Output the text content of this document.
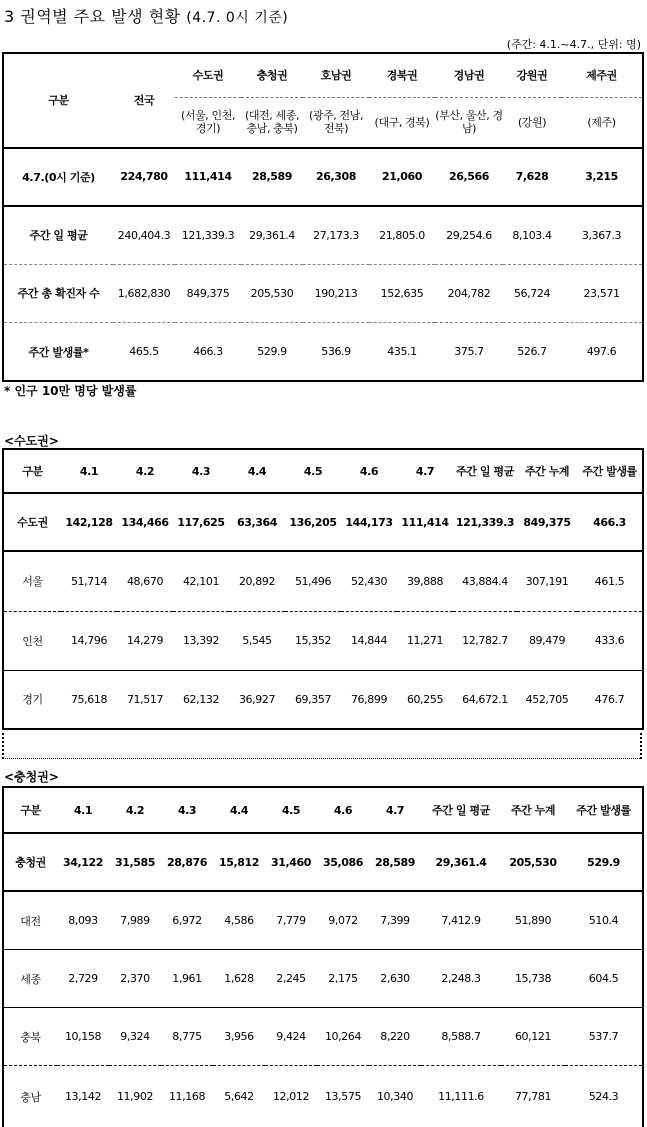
3 권역별 주요 발생 현황 (4.7. 0시 기준)
(주간: 4.1.~4.7., 단위: 명)
구분	전국	수도권	충청권	호남권	경북권	경남권	강원권	제주권
		(서울, 인천, 경기)	(대전, 세종, 충남, 충북)	(광주, 전남, 전북)	(대구, 경북)	(부산, 울산, 경남)	(강원)	(제주)
4.7.(0시 기준)	224,780	111,414	28,589	26,308	21,060	26,566	7,628	3,215
주간 일 평균	240,404.3	121,339.3	29,361.4	27,173.3	21,805.0	29,254.6	8,103.4	3,367.3
주간 총 확진자 수	1,682,830	849,375	205,530	190,213	152,635	204,782	56,724	23,571
주간 발생률*	465.5	466.3	529.9	536.9	435.1	375.7	526.7	497.6
* 인구 10만 명당 발생률
<수도권>
구분	4.1	4.2	4.3	4.4	4.5	4.6	4.7	주간 일 평균	주간 누계	주간 발생률
수도권	142,128	134,466	117,625	63,364	136,205	144,173	111,414	121,339.3	849,375	466.3
서울	51,714	48,670	42,101	20,892	51,496	52,430	39,888	43,884.4	307,191	461.5
인천	14,796	14,279	13,392	5,545	15,352	14,844	11,271	12,782.7	89,479	433.6
경기	75,618	71,517	62,132	36,927	69,357	76,899	60,255	64,672.1	452,705	476.7
<충청권>
구분	4.1	4.2	4.3	4.4	4.5	4.6	4.7	주간 일 평균	주간 누계	주간 발생률
충청권	34,122	31,585	28,876	15,812	31,460	35,086	28,589	29,361.4	205,530	529.9
대전	8,093	7,989	6,972	4,586	7,779	9,072	7,399	7,412.9	51,890	510.4
세종	2,729	2,370	1,961	1,628	2,245	2,175	2,630	2,248.3	15,738	604.5
충북	10,158	9,324	8,775	3,956	9,424	10,264	8,220	8,588.7	60,121	537.7
충남	13,142	11,902	11,168	5,642	12,012	13,575	10,340	11,111.6	77,781	524.3
